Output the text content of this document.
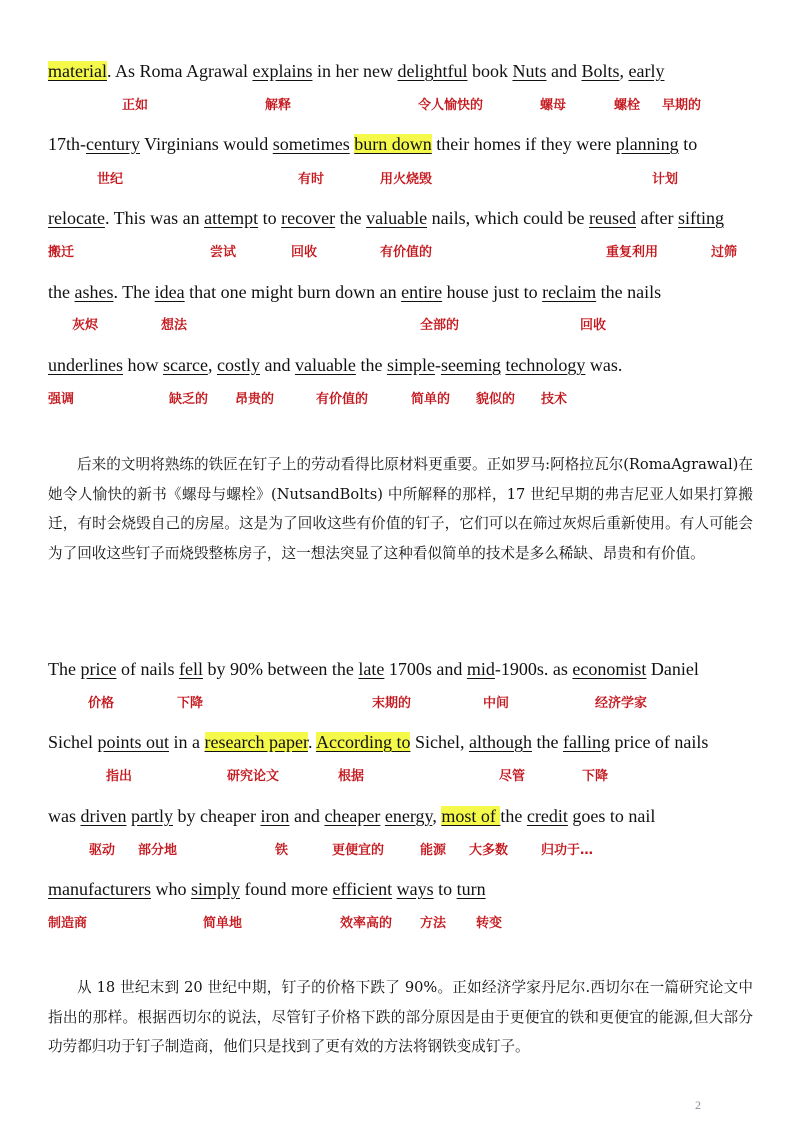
material. As Roma Agrawal explains in her new delightful book Nuts and Bolts, early

17th-century Virginians would sometimes burn down their homes if they were planning to

relocate. This was an attempt to recover the valuable nails, which could be reused after sifting

the ashes. The idea that one might burn down an entire house just to reclaim the nails

underlines how scarce, costly and valuable the simple-seeming technology was.

正如	解释	令人愉快的	螺母	螺栓 早期的
世纪	有时	用火烧毁	计划
搬迁	尝试	回收	有价值的	重复利用	过筛
灰烬	想法	全部的	回收
强调	缺乏的 昂贵的	有价值的	简单的 貌似的 技术

后来的文明将熟练的铁匠在钉子上的劳动看得比原材料更重要。正如罗马:阿格拉瓦尔(RomaAgrawal)在她令人愉快的新书《螺母与螺栓》(NutsandBolts) 中所解释的那样，17 世纪早期的弗吉尼亚人如果打算搬迁，有时会烧毁自己的房屋。这是为了回收这些有价值的钉子，它们可以在筛过灰烬后重新使用。有人可能会为了回收这些钉子而烧毁整栋房子，这一想法突显了这种看似简单的技术是多么稀缺、昂贵和有价值。

The price of nails fell by 90% between the late 1700s and mid-1900s. as economist Daniel

Sichel points out in a research paper. According to Sichel, although the falling price of nails

was driven partly by cheaper iron and cheaper energy, most of the credit goes to nail

manufacturers who simply found more efficient ways to turn

价格	下降	末期的	中间	经济学家
指出	研究论文	根据	尽管	下降
驱动 部分地	铁	更便宜的	能源 大多数	归功于…
制造商	简单地	效率高的 方法 转变

从 18 世纪末到 20 世纪中期，钉子的价格下跌了 90%。正如经济学家丹尼尔.西切尔在一篇研究论文中指出的那样。根据西切尔的说法，尽管钉子价格下跌的部分原因是由于更便宜的铁和更便宜的能源,但大部分功劳都归功于钉子制造商，他们只是找到了更有效的方法将钢铁变成钉子。

2
